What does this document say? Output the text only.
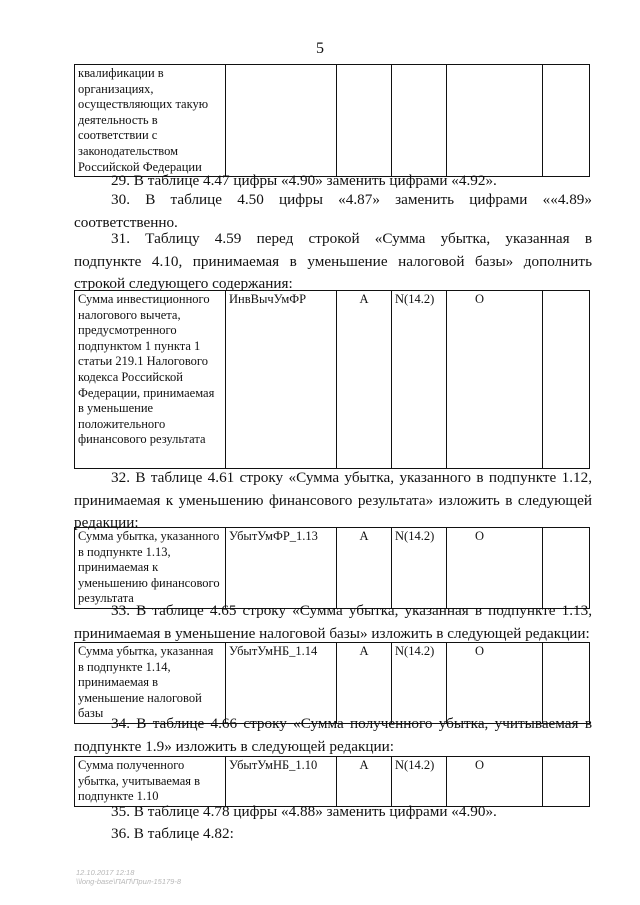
5
квалификации в организациях, осуществляющих такую деятельность в соответствии с законодательством Российской Федерации					
29. В таблице 4.47 цифры «4.90» заменить цифрами «4.92».
30. В таблице 4.50 цифры «4.87» заменить цифрами ««4.89»
соответственно.
31. Таблицу 4.59 перед строкой «Сумма убытка, указанная в
подпункте 4.10, принимаемая в уменьшение налоговой базы» дополнить
строкой следующего содержания:
Сумма инвестиционного налогового вычета, предусмотренного подпунктом 1 пункта 1 статьи 219.1 Налогового кодекса Российской Федерации, принимаемая в уменьшение положительного финансового результата	ИнвВычУмФР	А	N(14.2)	О	
32. В таблице 4.61 строку «Сумма убытка, указанного в подпункте 1.12,
принимаемая к уменьшению финансового результата» изложить в следующей
редакции:
Сумма убытка, указанного в подпункте 1.13, принимаемая к уменьшению финансового результата	УбытУмФР_1.13	А	N(14.2)	О	
33. В таблице 4.65 строку «Сумма убытка, указанная в подпункте 1.13,
принимаемая в уменьшение налоговой базы» изложить в следующей редакции:
Сумма убытка, указанная в подпункте 1.14, принимаемая в уменьшение налоговой базы	УбытУмНБ_1.14	А	N(14.2)	О	
34. В таблице 4.66 строку «Сумма полученного убытка, учитываемая в
подпункте 1.9» изложить в следующей редакции:
Сумма полученного убытка, учитываемая в подпункте 1.10	УбытУмНБ_1.10	А	N(14.2)	О	
35. В таблице 4.78 цифры «4.88» заменить цифрами «4.90».
36. В таблице 4.82:
12.10.2017 12:18
\\long-base\ПАП\Прил-15179-8
